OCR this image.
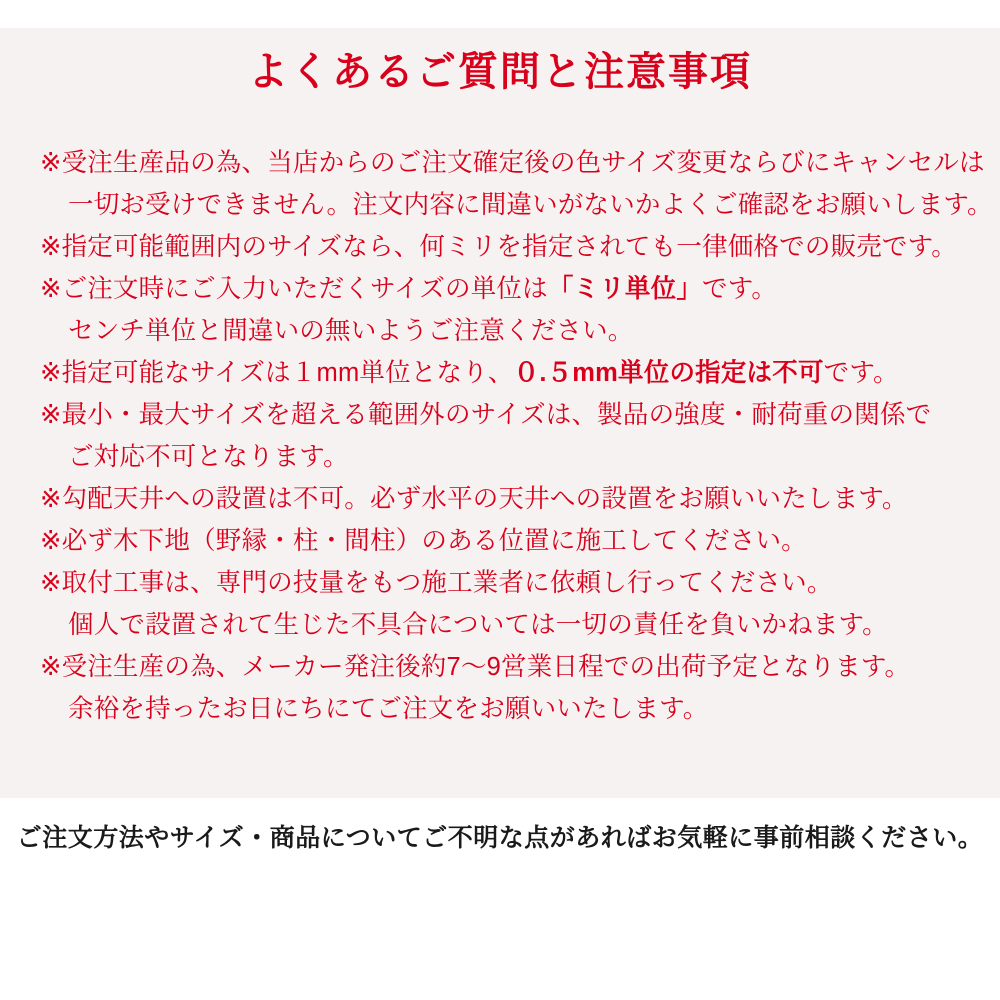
よくあるご質問と注意事項
※受注生産品の為、当店からのご注文確定後の色サイズ変更ならびにキャンセルは
一切お受けできません。注文内容に間違いがないかよくご確認をお願いします。
※指定可能範囲内のサイズなら、何ミリを指定されても一律価格での販売です。
※ご注文時にご入力いただくサイズの単位は「ミリ単位」です。
センチ単位と間違いの無いようご注意ください。
※指定可能なサイズは１mm単位となり、０.５mm単位の指定は不可です。
※最小・最大サイズを超える範囲外のサイズは、製品の強度・耐荷重の関係で
ご対応不可となります。
※勾配天井への設置は不可。必ず水平の天井への設置をお願いいたします。
※必ず木下地（野縁・柱・間柱）のある位置に施工してください。
※取付工事は、専門の技量をもつ施工業者に依頼し行ってください。
個人で設置されて生じた不具合については一切の責任を負いかねます。
※受注生産の為、メーカー発注後約7〜9営業日程での出荷予定となります。
余裕を持ったお日にちにてご注文をお願いいたします。
ご注文方法やサイズ・商品についてご不明な点があればお気軽に事前相談ください。
